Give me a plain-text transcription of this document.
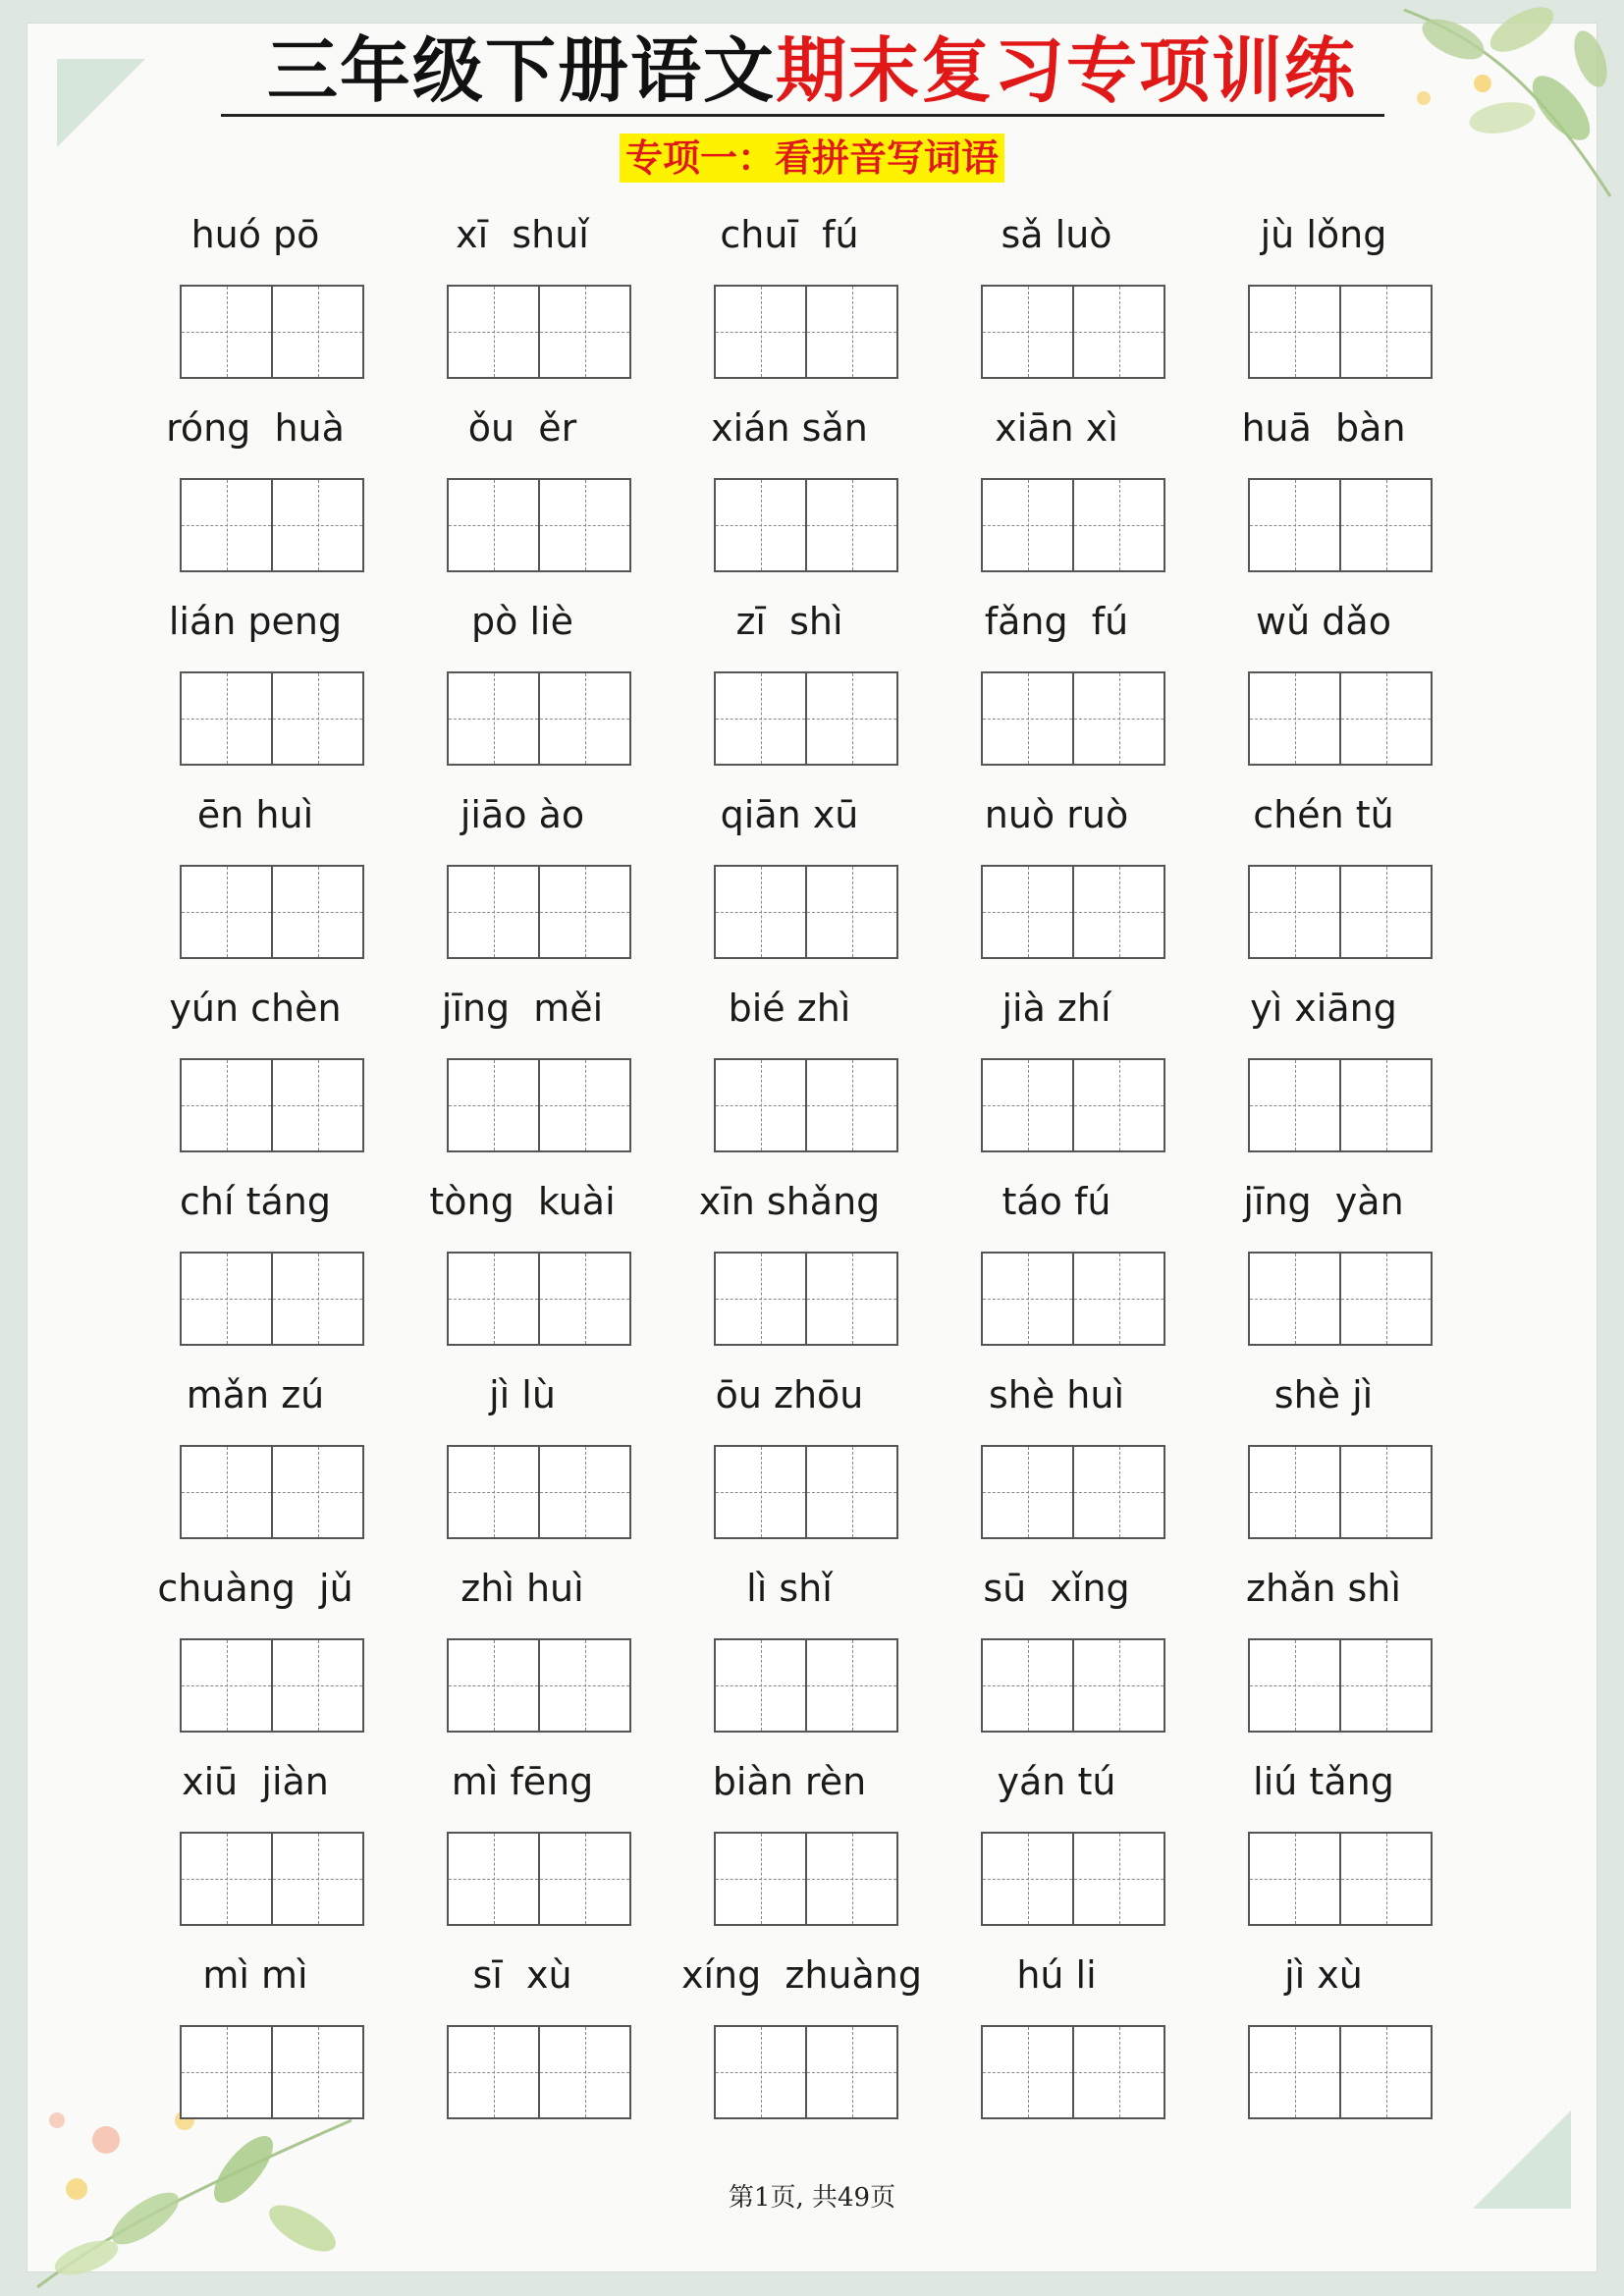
三年级下册语文期末复习专项训练
专项一：看拼音写词语
huó pō	xī  shuǐ	chuī  fú	sǎ luò	jù lǒng
róng  huà	ǒu  ěr	xián sǎn	xiān xì	huā  bàn
lián peng	pò liè	zī  shì	fǎng  fú	wǔ dǎo
ēn huì	jiāo ào	qiān xū	nuò ruò	chén tǔ
yún chèn	jīng  měi	bié zhì	jià zhí	yì xiāng
chí táng	tòng  kuài	xīn shǎng	táo fú	jīng  yàn
mǎn zú	jì lù	ōu zhōu	shè huì	shè jì
chuàng  jǔ	zhì huì	lì shǐ	sū  xǐng	zhǎn shì
xiū  jiàn	mì fēng	biàn rèn	yán tú	liú tǎng
mì mì	sī  xù	xíng  zhuàng	hú li	jì xù
第1页, 共49页
